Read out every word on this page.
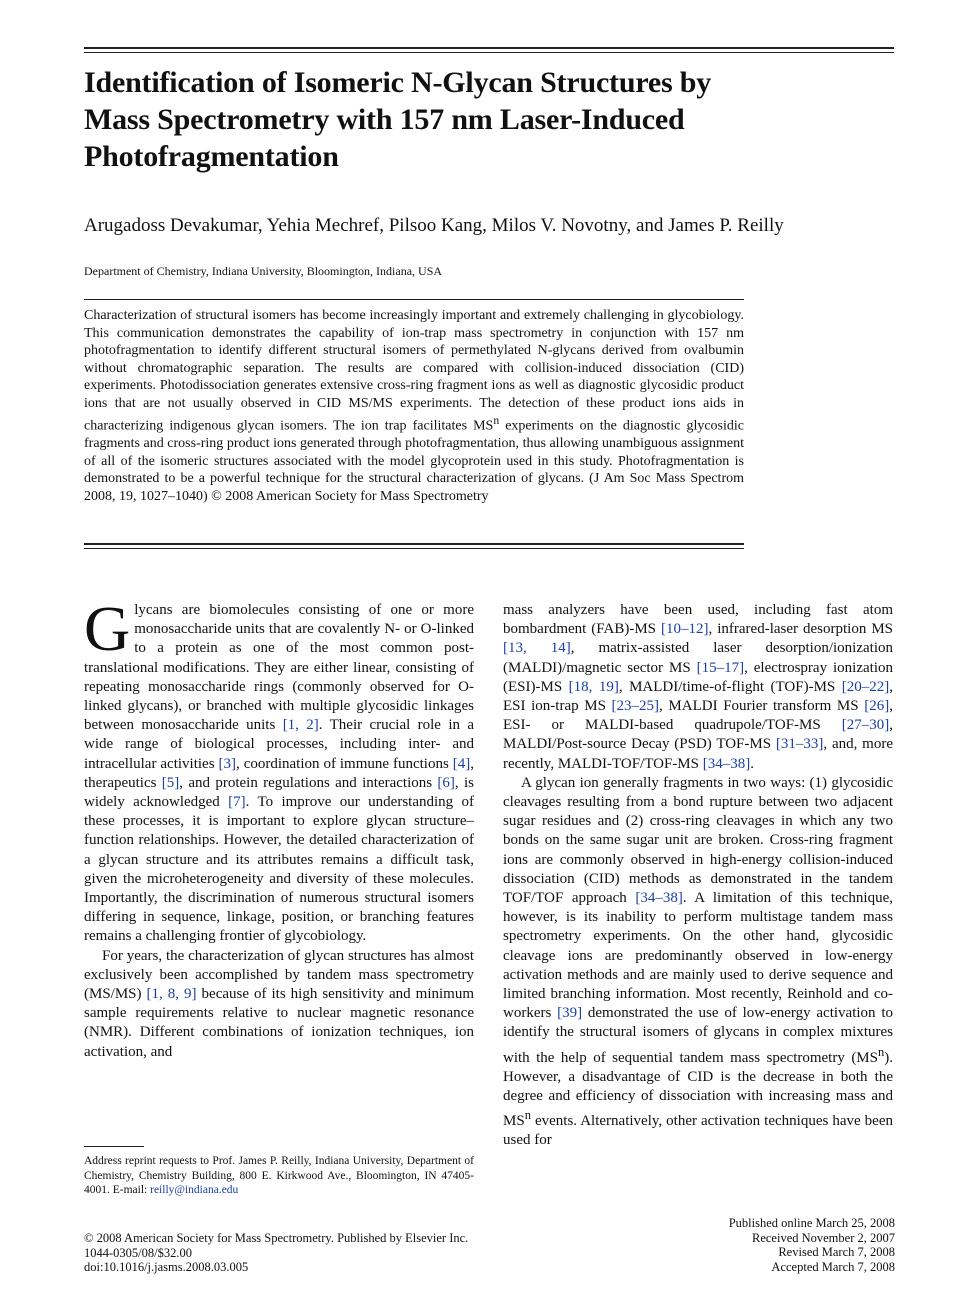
Identification of Isomeric N-Glycan Structures by Mass Spectrometry with 157 nm Laser-Induced Photofragmentation

Arugadoss Devakumar, Yehia Mechref, Pilsoo Kang, Milos V. Novotny, and James P. Reilly

Department of Chemistry, Indiana University, Bloomington, Indiana, USA

Characterization of structural isomers has become increasingly important and extremely challenging in glycobiology. This communication demonstrates the capability of ion-trap mass spectrometry in conjunction with 157 nm photofragmentation to identify different structural isomers of permethylated N-glycans derived from ovalbumin without chromatographic separation. The results are compared with collision-induced dissociation (CID) experiments. Photodissociation generates extensive cross-ring fragment ions as well as diagnostic glycosidic product ions that are not usually observed in CID MS/MS experiments. The detection of these product ions aids in characterizing indigenous glycan isomers. The ion trap facilitates $MS^n$ experiments on the diagnostic glycosidic fragments and cross-ring product ions generated through photofragmentation, thus allowing unambiguous assignment of all of the isomeric structures associated with the model glycoprotein used in this study. Photofragmentation is demonstrated to be a powerful technique for the structural characterization of glycans. (J Am Soc Mass Spectrom 2008, 19, 1027–1040) © 2008 American Society for Mass Spectrometry

Glycans are biomolecules consisting of one or more monosaccharide units that are covalently N- or O-linked to a protein as one of the most common post-translational modifications. They are either linear, consisting of repeating monosaccharide rings (commonly observed for O-linked glycans), or branched with multiple glycosidic linkages between monosaccharide units [1, 2]. Their crucial role in a wide range of biological processes, including inter- and intracellular activities [3], coordination of immune functions [4], therapeutics [5], and protein regulations and interactions [6], is widely acknowledged [7]. To improve our understanding of these processes, it is important to explore glycan structure–function relationships. However, the detailed characterization of a glycan structure and its attributes remains a difficult task, given the microheterogeneity and diversity of these molecules. Importantly, the discrimination of numerous structural isomers differing in sequence, linkage, position, or branching features remains a challenging frontier of glycobiology.

For years, the characterization of glycan structures has almost exclusively been accomplished by tandem mass spectrometry (MS/MS) [1, 8, 9] because of its high sensitivity and minimum sample requirements relative to nuclear magnetic resonance (NMR). Different combinations of ionization techniques, ion activation, and

mass analyzers have been used, including fast atom bombardment (FAB)-MS [10–12], infrared-laser desorption MS [13, 14], matrix-assisted laser desorption/ionization (MALDI)/magnetic sector MS [15–17], electrospray ionization (ESI)-MS [18, 19], MALDI/time-of-flight (TOF)-MS [20–22], ESI ion-trap MS [23–25], MALDI Fourier transform MS [26], ESI- or MALDI-based quadrupole/TOF-MS [27–30], MALDI/Post-source Decay (PSD) TOF-MS [31–33], and, more recently, MALDI-TOF/TOF-MS [34–38].

A glycan ion generally fragments in two ways: (1) glycosidic cleavages resulting from a bond rupture between two adjacent sugar residues and (2) cross-ring cleavages in which any two bonds on the same sugar unit are broken. Cross-ring fragment ions are commonly observed in high-energy collision-induced dissociation (CID) methods as demonstrated in the tandem TOF/TOF approach [34–38]. A limitation of this technique, however, is its inability to perform multistage tandem mass spectrometry experiments. On the other hand, glycosidic cleavage ions are predominantly observed in low-energy activation methods and are mainly used to derive sequence and limited branching information. Most recently, Reinhold and co-workers [39] demonstrated the use of low-energy activation to identify the structural isomers of glycans in complex mixtures with the help of sequential tandem mass spectrometry $(MS^n)$. However, a disadvantage of CID is the decrease in both the degree and efficiency of dissociation with increasing mass and $MS^n$ events. Alternatively, other activation techniques have been used for

Address reprint requests to Prof. James P. Reilly, Indiana University, Department of Chemistry, Chemistry Building, 800 E. Kirkwood Ave., Bloomington, IN 47405-4001. E-mail: reilly@indiana.edu

© 2008 American Society for Mass Spectrometry. Published by Elsevier Inc.
1044-0305/08/$32.00
doi:10.1016/j.jasms.2008.03.005
Published online March 25, 2008
Received November 2, 2007
Revised March 7, 2008
Accepted March 7, 2008
